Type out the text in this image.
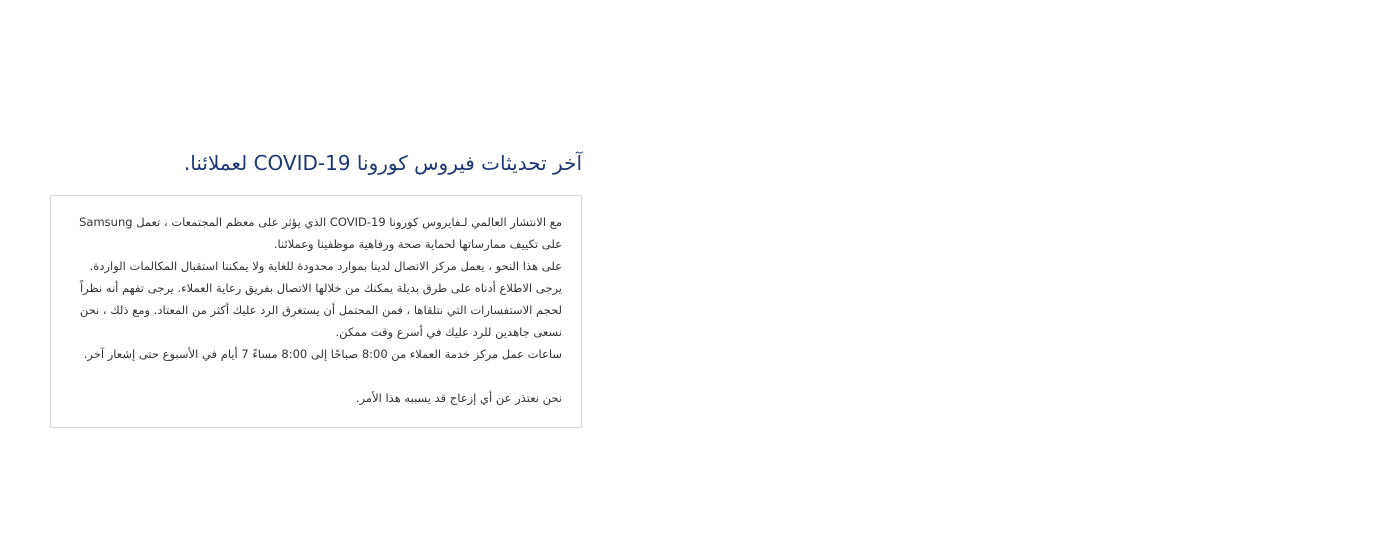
آخر تحديثات فيروس كورونا COVID-19 لعملائنا.

مع الانتشار العالمي لـفايروس كورونا COVID-19 الذي يؤثر على معظم المجتمعات ، تعمل Samsung على تكييف ممارساتها لحماية صحة ورفاهية موظفينا وعملائنا.

على هذا النحو ، يعمل مركز الاتصال لدينا بموارد محدودة للغاية ولا يمكننا استقبال المكالمات الواردة.

يرجى الاطلاع أدناه على طرق بديلة يمكنك من خلالها الاتصال بفريق رعاية العملاء. يرجى تفهم أنه نظراً لحجم الاستفسارات التي نتلقاها ، فمن المحتمل أن يستغرق الرد عليك أكثر من المعتاد. ومع ذلك ، نحن نسعى جاهدين للرد عليك في أسرع وقت ممكن.

ساعات عمل مركز خدمة العملاء من 8:00 صباحًا إلى 8:00 مساءً 7 أيام في الأسبوع حتى إشعار آخر.

نحن نعتذر عن أي إزعاج قد يسببه هذا الأمر.
